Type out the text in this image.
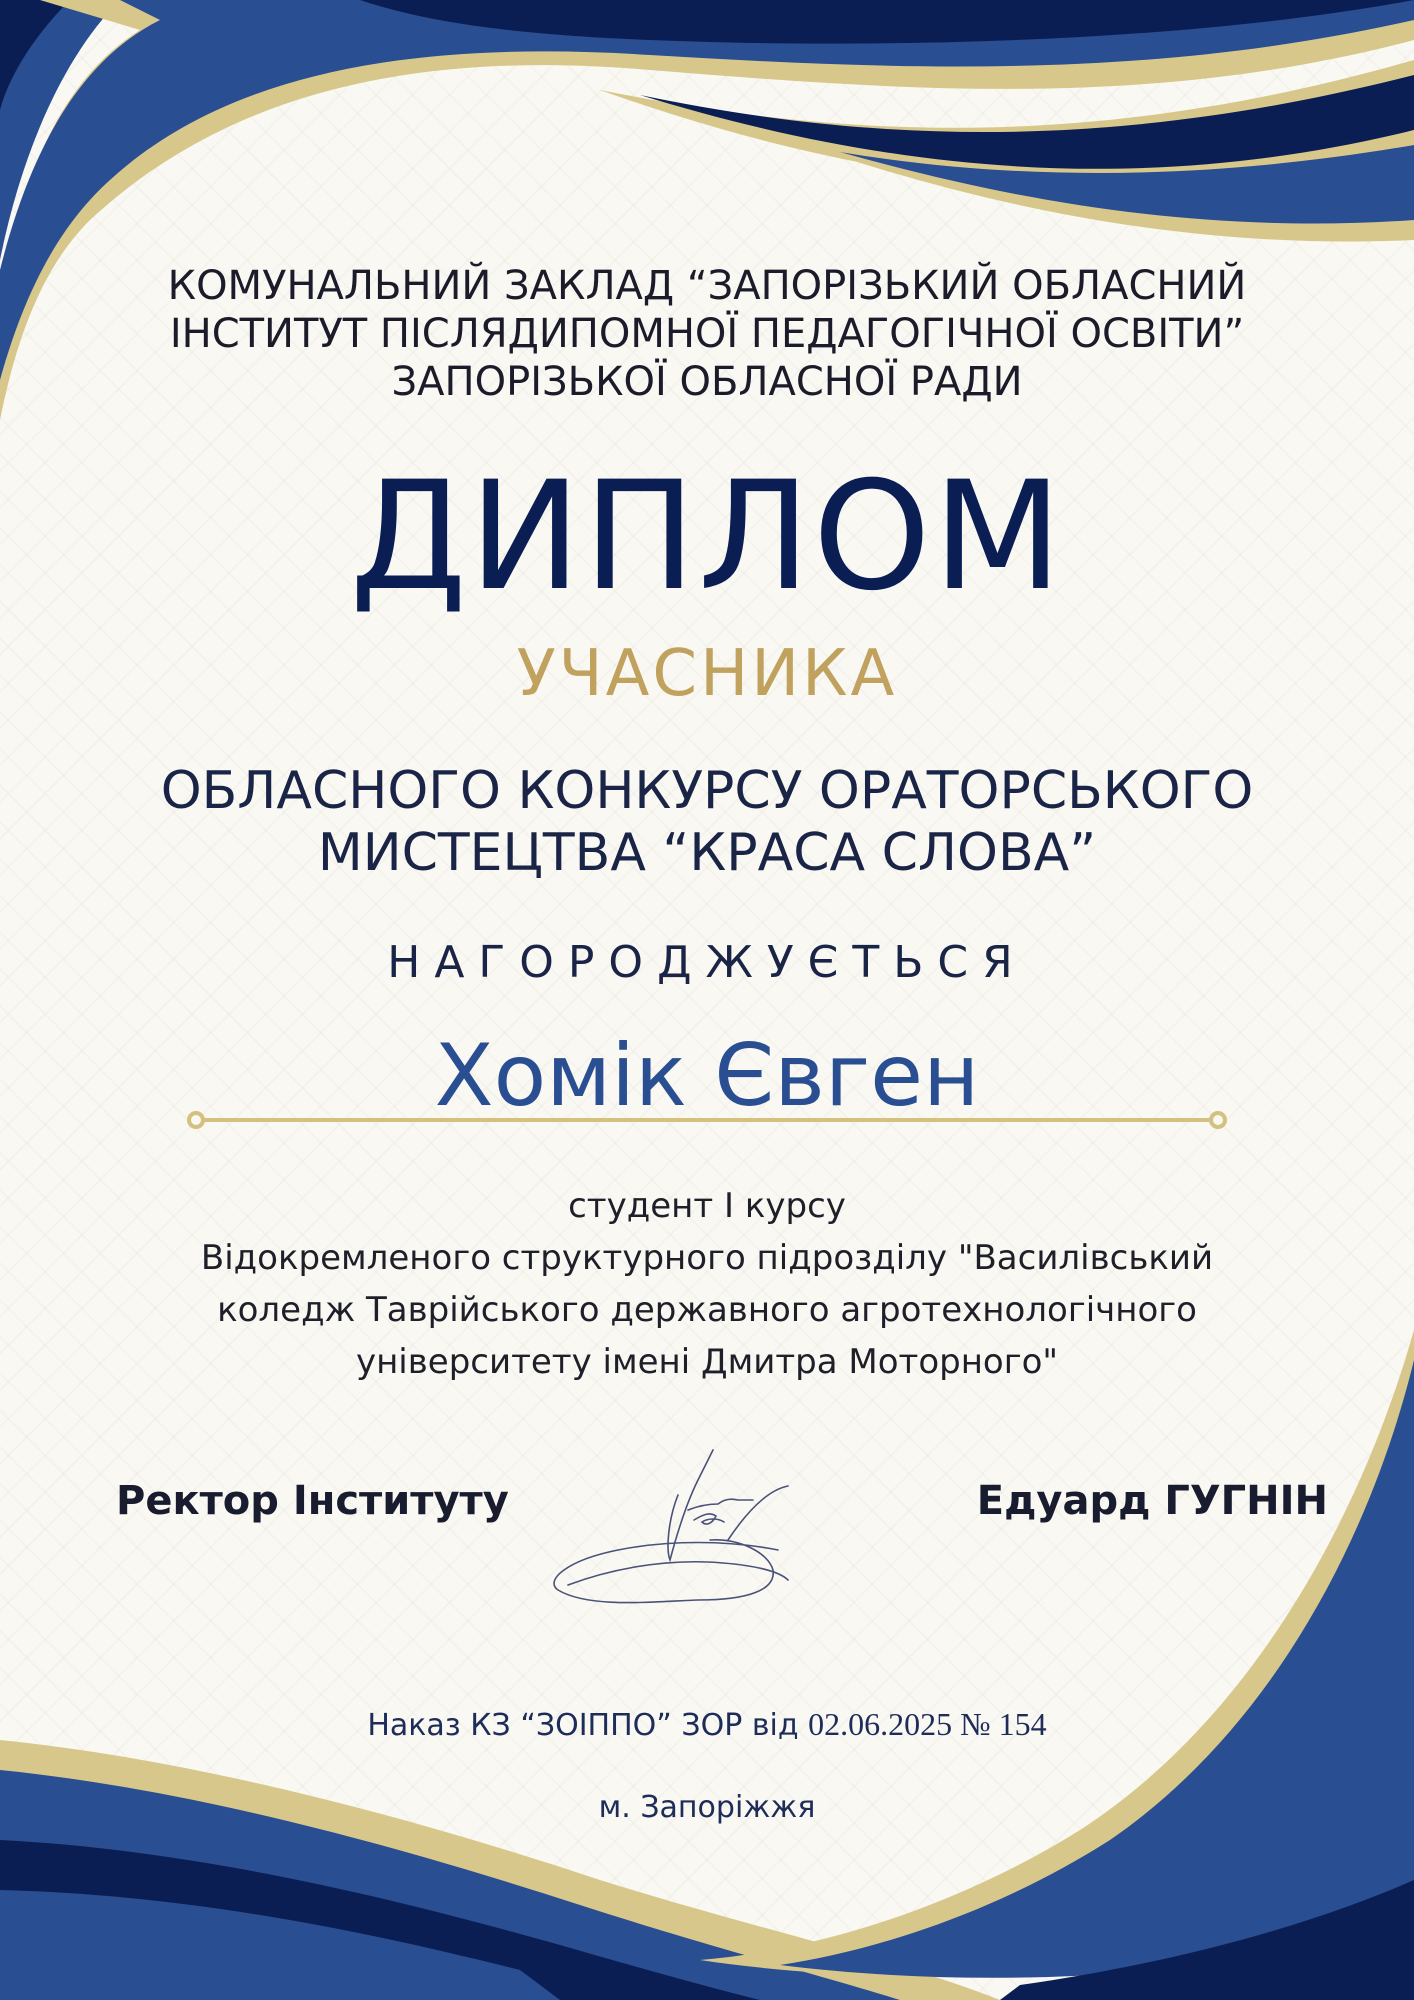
КОМУНАЛЬНИЙ ЗАКЛАД “ЗАПОРІЗЬКИЙ ОБЛАСНИЙ
ІНСТИТУТ ПІСЛЯДИПОМНОЇ ПЕДАГОГІЧНОЇ ОСВІТИ”
ЗАПОРІЗЬКОЇ ОБЛАСНОЇ РАДИ
ДИПЛОМ
УЧАСНИКА
ОБЛАСНОГО КОНКУРСУ ОРАТОРСЬКОГО
МИСТЕЦТВА “КРАСА СЛОВА”
НАГОРОДЖУЄТЬСЯ
Хомік Євген
студент І курсу
Відокремленого структурного підрозділу "Василівський
коледж Таврійського державного агротехнологічного
університету імені Дмитра Моторного"
Ректор Інституту	Едуард ГУГНІН
Наказ КЗ “ЗОІППО” ЗОР від 02.06.2025 № 154
м. Запоріжжя
